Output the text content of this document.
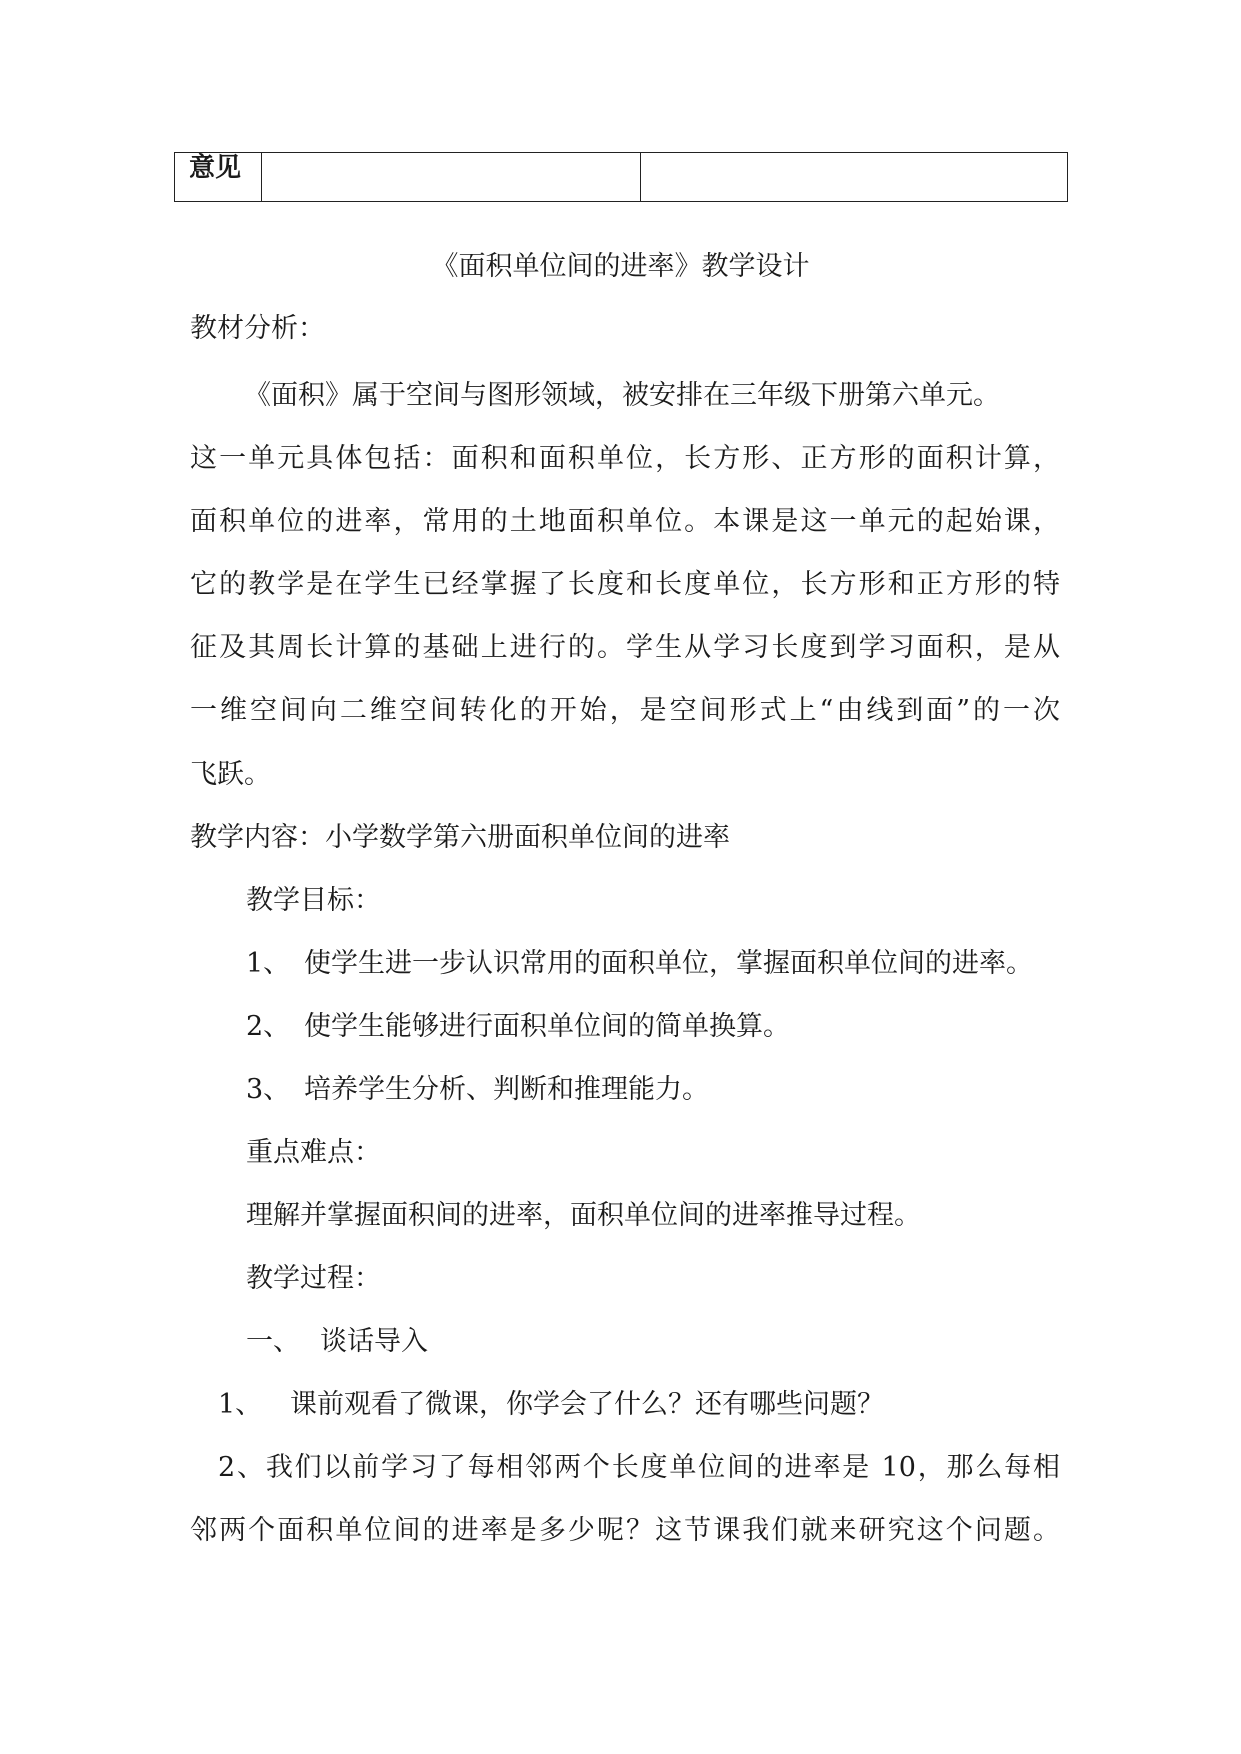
意见

《面积单位间的进率》教学设计

教材分析：

《面积》属于空间与图形领域，被安排在三年级下册第六单元。

这一单元具体包括：面积和面积单位，长方形、正方形的面积计算，

面积单位的进率，常用的土地面积单位。本课是这一单元的起始课，

它的教学是在学生已经掌握了长度和长度单位，长方形和正方形的特

征及其周长计算的基础上进行的。学生从学习长度到学习面积，是从

一维空间向二维空间转化的开始，是空间形式上“由线到面”的一次

飞跃。

教学内容：小学数学第六册面积单位间的进率

教学目标：

1、 使学生进一步认识常用的面积单位，掌握面积单位间的进率。

2、 使学生能够进行面积单位间的简单换算。

3、 培养学生分析、判断和推理能力。

重点难点：

理解并掌握面积间的进率，面积单位间的进率推导过程。

教学过程：

一、 谈话导入

1、 课前观看了微课，你学会了什么？还有哪些问题？

2、我们以前学习了每相邻两个长度单位间的进率是 10，那么每相

邻两个面积单位间的进率是多少呢？这节课我们就来研究这个问题。
